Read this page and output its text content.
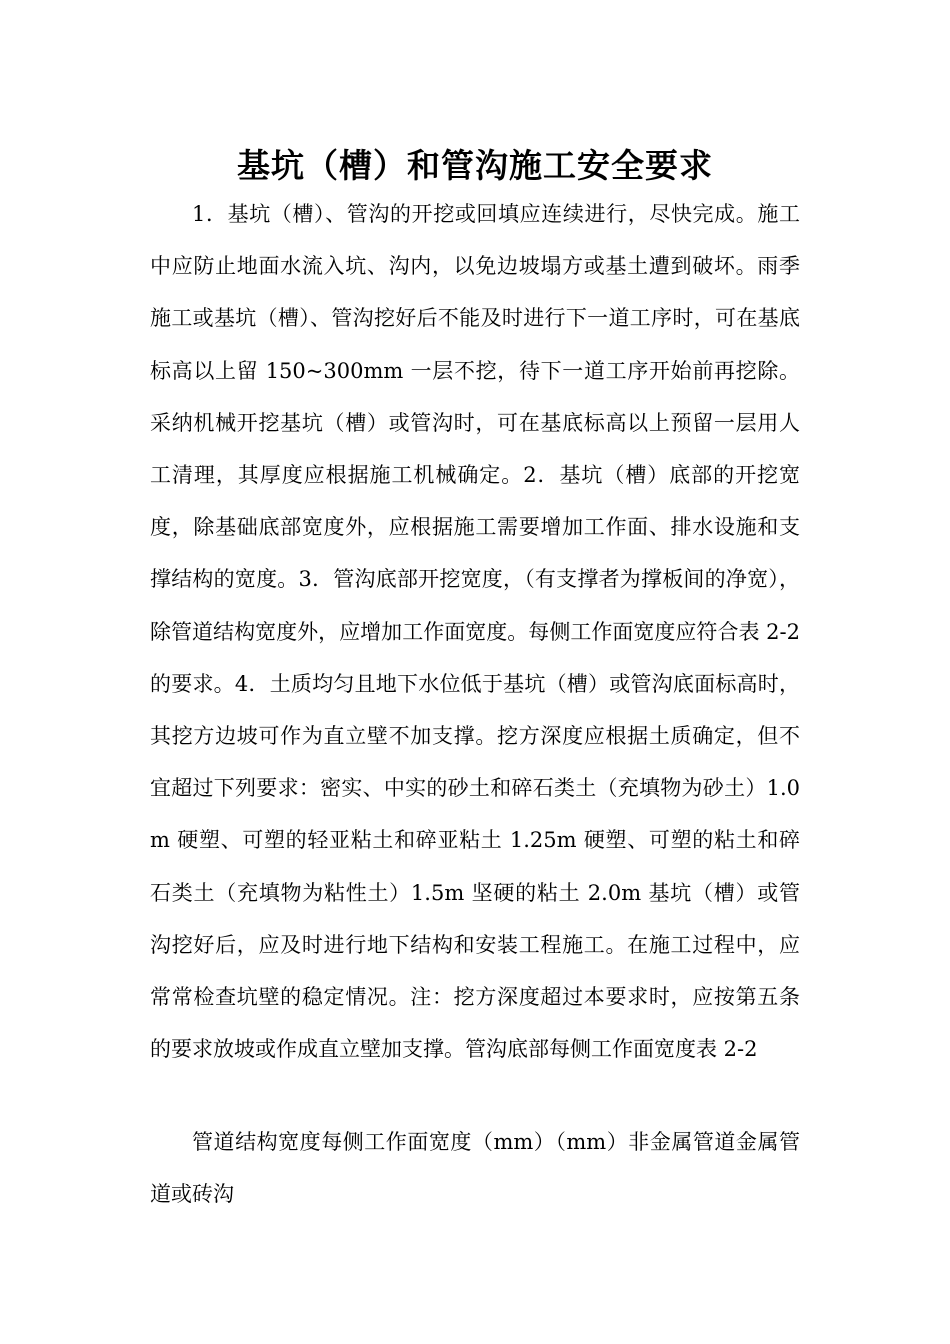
基坑（槽）和管沟施工安全要求

1．基坑（槽）、管沟的开挖或回填应连续进行，尽快完成。施工中应防止地面水流入坑、沟内，以免边坡塌方或基土遭到破坏。雨季施工或基坑（槽）、管沟挖好后不能及时进行下一道工序时，可在基底标高以上留 150~300mm 一层不挖，待下一道工序开始前再挖除。采纳机械开挖基坑（槽）或管沟时，可在基底标高以上预留一层用人工清理，其厚度应根据施工机械确定。2．基坑（槽）底部的开挖宽度，除基础底部宽度外，应根据施工需要增加工作面、排水设施和支撑结构的宽度。3．管沟底部开挖宽度，（有支撑者为撑板间的净宽），除管道结构宽度外，应增加工作面宽度。每侧工作面宽度应符合表 2-2 的要求。4．土质均匀且地下水位低于基坑（槽）或管沟底面标高时，其挖方边坡可作为直立壁不加支撑。挖方深度应根据土质确定，但不宜超过下列要求：密实、中实的砂土和碎石类土（充填物为砂土）1.0m 硬塑、可塑的轻亚粘土和碎亚粘土 1.25m 硬塑、可塑的粘土和碎石类土（充填物为粘性土）1.5m 坚硬的粘土 2.0m 基坑（槽）或管沟挖好后，应及时进行地下结构和安装工程施工。在施工过程中，应常常检查坑壁的稳定情况。注：挖方深度超过本要求时，应按第五条的要求放坡或作成直立壁加支撑。管沟底部每侧工作面宽度表 2-2

管道结构宽度每侧工作面宽度（mm）（mm）非金属管道金属管道或砖沟
